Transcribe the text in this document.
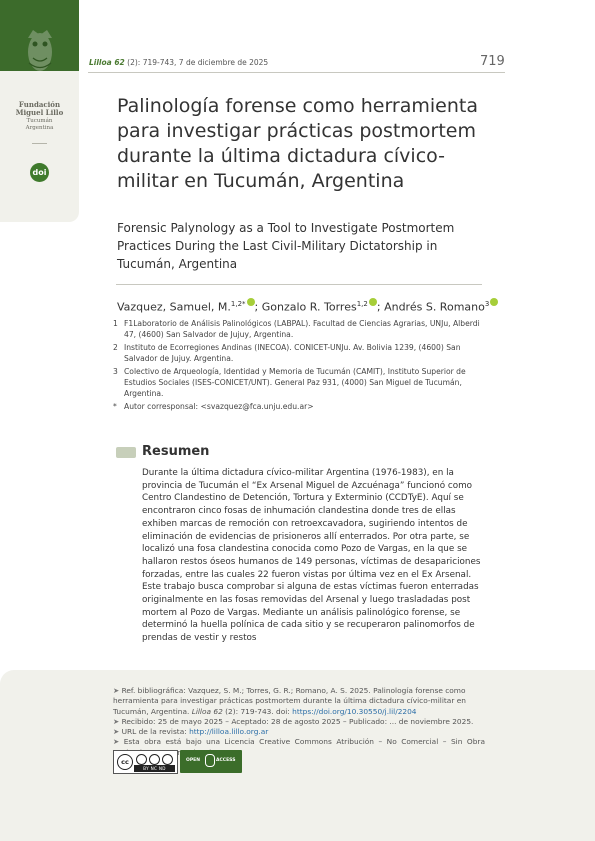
Fundación
Miguel Lillo
Tucumán
Argentina
doi
Lilloa 62 (2): 719-743, 7 de diciembre de 2025	719
Palinología forense como herramienta para investigar prácticas postmortem durante la última dictadura cívico-militar en Tucumán, Argentina
Forensic Palynology as a Tool to Investigate Postmortem Practices During the Last Civil-Military Dictatorship in Tucumán, Argentina
Vazquez, Samuel, M.$^{1,2*}$ ; Gonzalo R. Torres$^{1,2}$ ; Andrés S. Romano$^3$
1 F1Laboratorio de Análisis Palinológicos (LABPAL). Facultad de Ciencias Agrarias, UNJu, Alberdi 47, (4600) San Salvador de Jujuy, Argentina.
2 Instituto de Ecorregiones Andinas (INECOA). CONICET-UNJu. Av. Bolivia 1239, (4600) San Salvador de Jujuy. Argentina.
3 Colectivo de Arqueología, Identidad y Memoria de Tucumán (CAMIT), Instituto Superior de Estudios Sociales (ISES-CONICET/UNT). General Paz 931, (4000) San Miguel de Tucumán, Argentina.
* Autor corresponsal: <svazquez@fca.unju.edu.ar>
Resumen
Durante la última dictadura cívico-militar Argentina (1976-1983), en la provincia de Tucumán el “Ex Arsenal Miguel de Azcuénaga” funcionó como Centro Clandestino de Detención, Tortura y Exterminio (CCDTyE). Aquí se encontraron cinco fosas de inhumación clandestina donde tres de ellas exhiben marcas de remoción con retroexcavadora, sugiriendo intentos de eliminación de evidencias de prisioneros allí enterrados. Por otra parte, se localizó una fosa clandestina conocida como Pozo de Vargas, en la que se hallaron restos óseos humanos de 149 personas, víctimas de desapariciones forzadas, entre las cuales 22 fueron vistas por última vez en el Ex Arsenal. Este trabajo busca comprobar si alguna de estas víctimas fueron enterradas originalmente en las fosas removidas del Arsenal y luego trasladadas post mortem al Pozo de Vargas. Mediante un análisis palinológico forense, se determinó la huella polínica de cada sitio y se recuperaron palinomorfos de prendas de vestir y restos
➤ Ref. bibliográfica: Vazquez, S. M.; Torres, G. R.; Romano, A. S. 2025. Palinología forense como herramienta para investigar prácticas postmortem durante la última dictadura cívico-militar en Tucumán, Argentina. Lilloa 62 (2): 719-743. doi: https://doi.org/10.30550/j.lil/2204
➤ Recibido: 25 de mayo 2025 – Aceptado: 28 de agosto 2025 – Publicado: ... de noviembre 2025.
➤ URL de la revista: http://lilloa.lillo.org.ar
➤ Esta obra está bajo una Licencia Creative Commons Atribución – No Comercial – Sin Obra
cc
BY NC ND
OPEN	ACCESS
